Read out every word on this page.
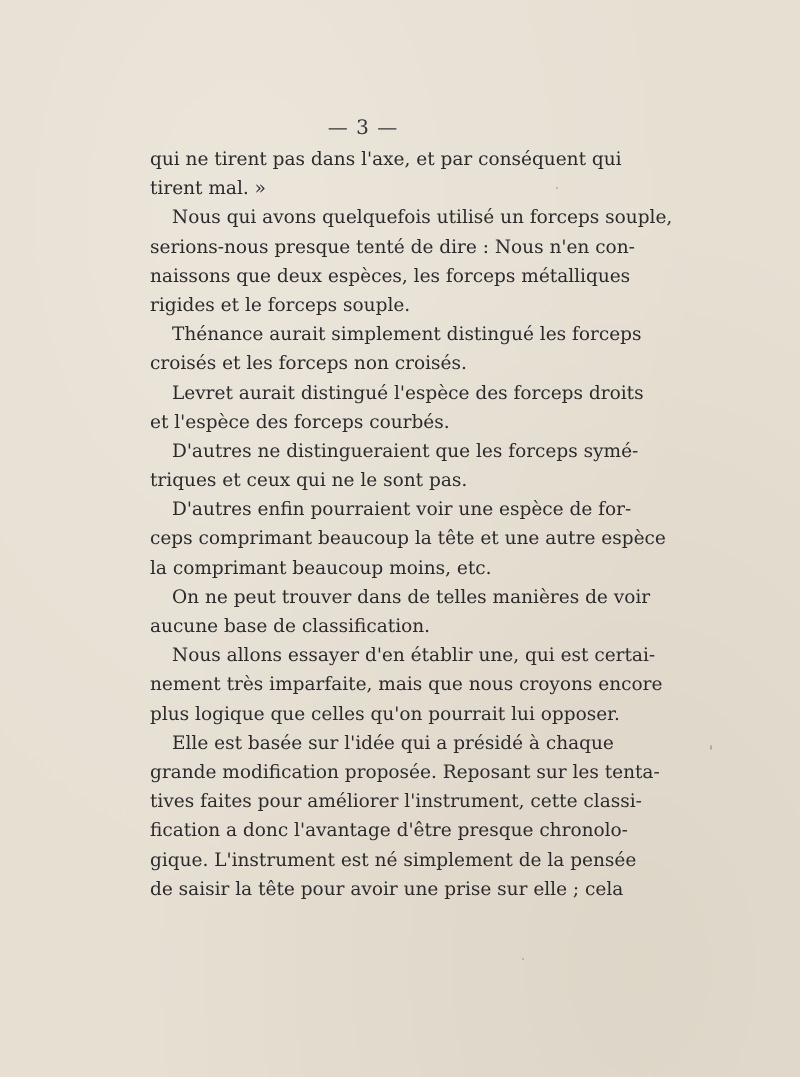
— 3 —
qui ne tirent pas dans l'axe, et par conséquent qui
tirent mal. »
Nous qui avons quelquefois utilisé un forceps souple,
serions-nous presque tenté de dire : Nous n'en con-
naissons que deux espèces, les forceps métalliques
rigides et le forceps souple.
Thénance aurait simplement distingué les forceps
croisés et les forceps non croisés.
Levret aurait distingué l'espèce des forceps droits
et l'espèce des forceps courbés.
D'autres ne distingueraient que les forceps symé-
triques et ceux qui ne le sont pas.
D'autres enfin pourraient voir une espèce de for-
ceps comprimant beaucoup la tête et une autre espèce
la comprimant beaucoup moins, etc.
On ne peut trouver dans de telles manières de voir
aucune base de classification.
Nous allons essayer d'en établir une, qui est certai-
nement très imparfaite, mais que nous croyons encore
plus logique que celles qu'on pourrait lui opposer.
Elle est basée sur l'idée qui a présidé à chaque
grande modification proposée. Reposant sur les tenta-
tives faites pour améliorer l'instrument, cette classi-
fication a donc l'avantage d'être presque chronolo-
gique. L'instrument est né simplement de la pensée
de saisir la tête pour avoir une prise sur elle ; cela
